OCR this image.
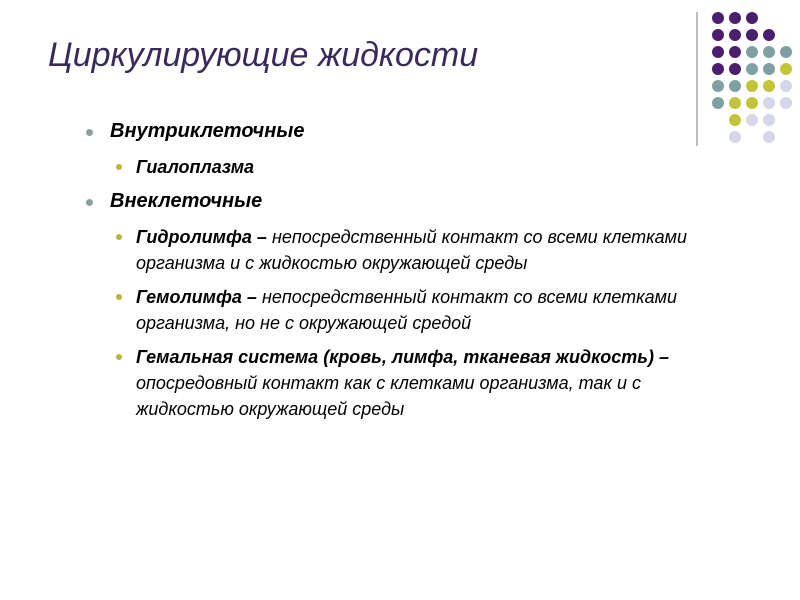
Циркулирующие жидкости
Внутриклеточные
Гиалоплазма
Внеклеточные
Гидролимфа – непосредственный контакт со всеми клетками организма и с жидкостью окружающей среды
Гемолимфа – непосредственный контакт со всеми клетками организма, но не с окружающей средой
Гемальная система (кровь, лимфа, тканевая жидкость) – опосредовный контакт как с клетками организма, так и с жидкостью окружающей среды
